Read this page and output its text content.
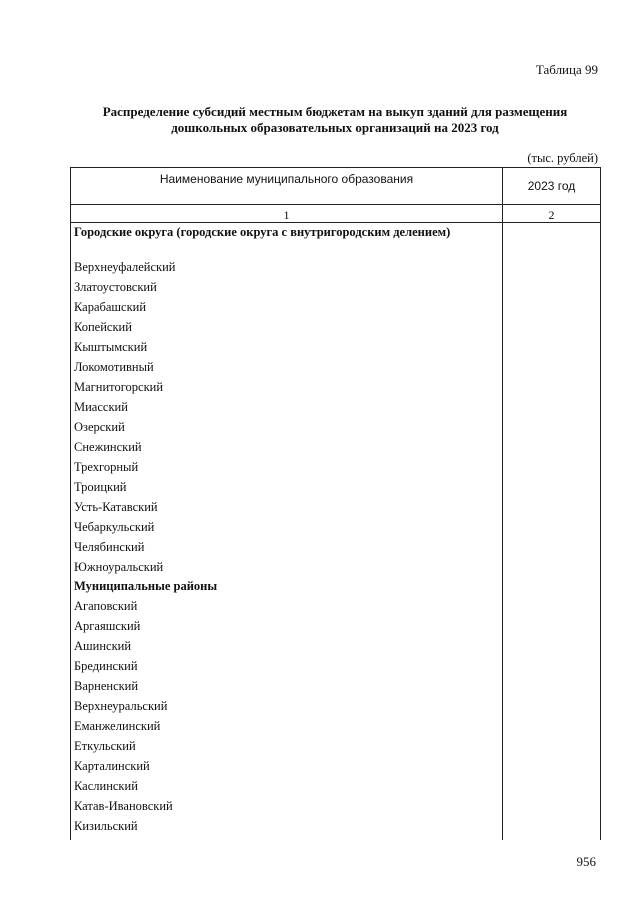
Таблица 99
Распределение субсидий местным бюджетам на выкуп зданий для размещения дошкольных образовательных организаций на 2023 год
(тыс. рублей)
Наименование муниципального образования	2023 год
1	2
Городские округа (городские округа с внутригородским делением)
Верхнеуфалейский
Златоустовский
Карабашский
Копейский
Кыштымский
Локомотивный
Магнитогорский
Миасский
Озерский
Снежинский
Трехгорный
Троицкий
Усть-Катавский
Чебаркульский
Челябинский
Южноуральский
Муниципальные районы
Агаповский
Аргаяшский
Ашинский
Брединский
Варненский
Верхнеуральский
Еманжелинский
Еткульский
Карталинский
Каслинский
Катав-Ивановский
Кизильский
956
